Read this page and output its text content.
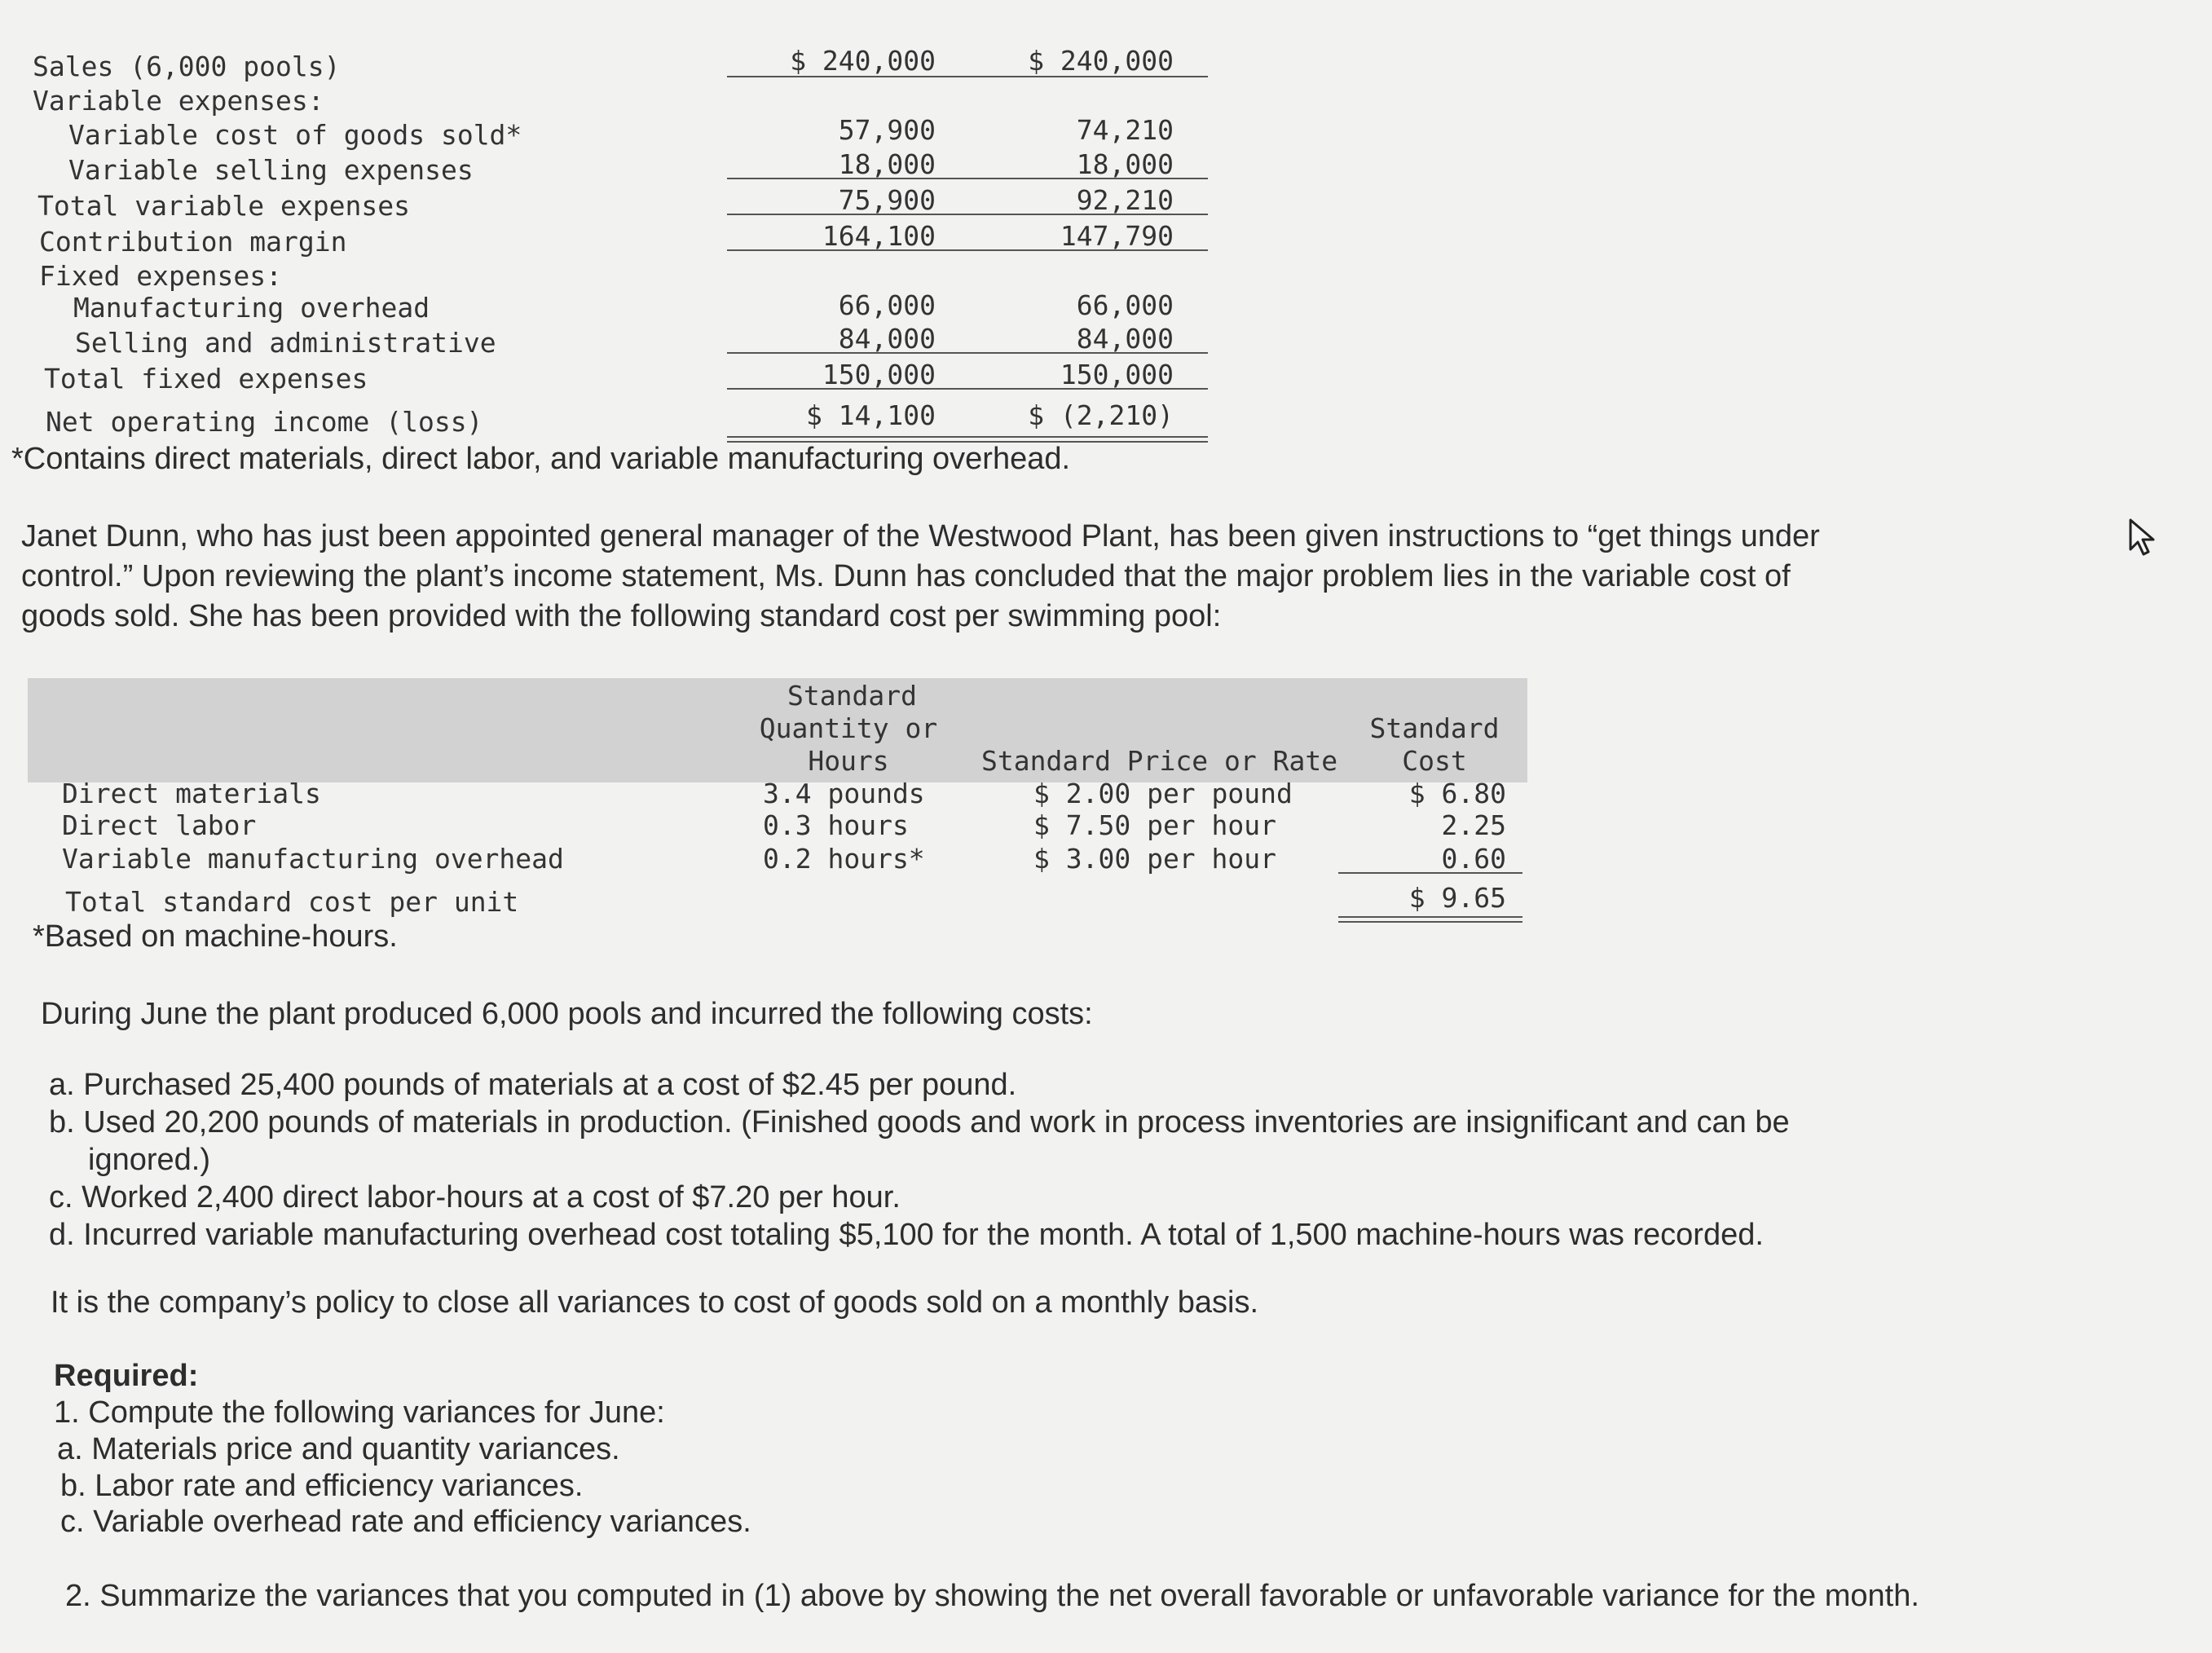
Sales (6,000 pools)
Variable expenses:
Variable cost of goods sold*
Variable selling expenses
Total variable expenses
Contribution margin
Fixed expenses:
Manufacturing overhead
Selling and administrative
Total fixed expenses
Net operating income (loss)
$ 240,000
57,900
18,000
75,900
164,100
66,000
84,000
150,000
$ 14,100
$ 240,000
74,210
18,000
92,210
147,790
66,000
84,000
150,000
$ (2,210)
*Contains direct materials, direct labor, and variable manufacturing overhead.
Janet Dunn, who has just been appointed general manager of the Westwood Plant, has been given instructions to “get things under
control.” Upon reviewing the plant’s income statement, Ms. Dunn has concluded that the major problem lies in the variable cost of
goods sold. She has been provided with the following standard cost per swimming pool:
Standard
Quantity or
Hours	Standard Price or Rate
Standard
Cost
Direct materials
Direct labor
Variable manufacturing overhead
3.4 pounds
0.3 hours
0.2 hours*
$ 2.00 per pound
$ 7.50 per hour
$ 3.00 per hour
$ 6.80
2.25
0.60
Total standard cost per unit	$ 9.65
*Based on machine-hours.
During June the plant produced 6,000 pools and incurred the following costs:
a. Purchased 25,400 pounds of materials at a cost of $2.45 per pound.
b. Used 20,200 pounds of materials in production. (Finished goods and work in process inventories are insignificant and can be
ignored.)
c. Worked 2,400 direct labor-hours at a cost of $7.20 per hour.
d. Incurred variable manufacturing overhead cost totaling $5,100 for the month. A total of 1,500 machine-hours was recorded.
It is the company’s policy to close all variances to cost of goods sold on a monthly basis.
Required:
1. Compute the following variances for June:
a. Materials price and quantity variances.
b. Labor rate and efficiency variances.
c. Variable overhead rate and efficiency variances.
2. Summarize the variances that you computed in (1) above by showing the net overall favorable or unfavorable variance for the month.
